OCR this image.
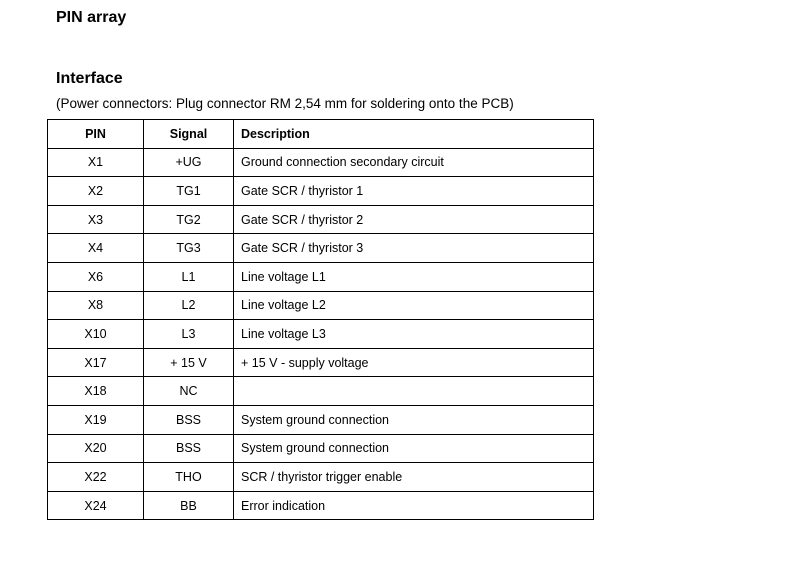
PIN array
Interface
(Power connectors: Plug connector RM 2,54 mm for soldering onto the PCB)
PIN	Signal	Description
X1	+UG	Ground connection secondary circuit
X2	TG1	Gate SCR / thyristor 1
X3	TG2	Gate SCR / thyristor 2
X4	TG3	Gate SCR / thyristor 3
X6	L1	Line voltage L1
X8	L2	Line voltage L2
X10	L3	Line voltage L3
X17	+ 15 V	+ 15 V - supply voltage
X18	NC	
X19	BSS	System ground connection
X20	BSS	System ground connection
X22	THO	SCR / thyristor trigger enable
X24	BB	Error indication
